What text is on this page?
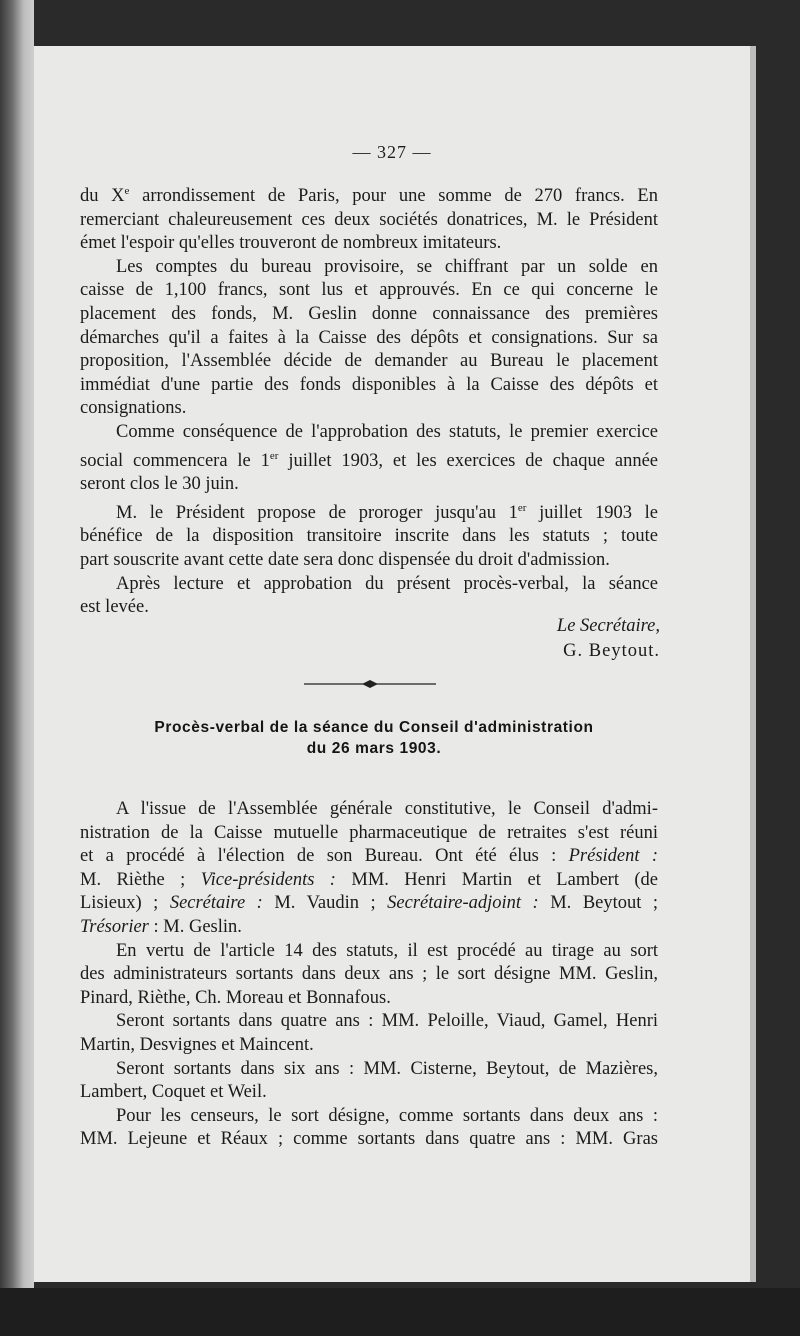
— 327 —

du Xe arrondissement de Paris, pour une somme de 270 francs. En

remerciant chaleureusement ces deux sociétés donatrices, M. le Président

émet l'espoir qu'elles trouveront de nombreux imitateurs.

Les comptes du bureau provisoire, se chiffrant par un solde en

caisse de 1,100 francs, sont lus et approuvés. En ce qui concerne le

placement des fonds, M. Geslin donne connaissance des premières

démarches qu'il a faites à la Caisse des dépôts et consignations. Sur sa

proposition, l'Assemblée décide de demander au Bureau le placement

immédiat d'une partie des fonds disponibles à la Caisse des dépôts et

consignations.

Comme conséquence de l'approbation des statuts, le premier exercice

social commencera le 1er juillet 1903, et les exercices de chaque année

seront clos le 30 juin.

M. le Président propose de proroger jusqu'au 1er juillet 1903 le

bénéfice de la disposition transitoire inscrite dans les statuts ; toute

part souscrite avant cette date sera donc dispensée du droit d'admission.

Après lecture et approbation du présent procès-verbal, la séance

est levée.

Le Secrétaire,
G. Beytout.
Procès-verbal de la séance du Conseil d'administration
du 26 mars 1903.

A l'issue de l'Assemblée générale constitutive, le Conseil d'admi-

nistration de la Caisse mutuelle pharmaceutique de retraites s'est réuni

et a procédé à l'élection de son Bureau. Ont été élus : Président :

M. Rièthe ; Vice-présidents : MM. Henri Martin et Lambert (de

Lisieux) ; Secrétaire : M. Vaudin ; Secrétaire-adjoint : M. Beytout ;

Trésorier : M. Geslin.

En vertu de l'article 14 des statuts, il est procédé au tirage au sort

des administrateurs sortants dans deux ans ; le sort désigne MM. Geslin,

Pinard, Rièthe, Ch. Moreau et Bonnafous.

Seront sortants dans quatre ans : MM. Peloille, Viaud, Gamel, Henri

Martin, Desvignes et Maincent.

Seront sortants dans six ans : MM. Cisterne, Beytout, de Mazières,

Lambert, Coquet et Weil.

Pour les censeurs, le sort désigne, comme sortants dans deux ans :

MM. Lejeune et Réaux ; comme sortants dans quatre ans : MM. Gras
